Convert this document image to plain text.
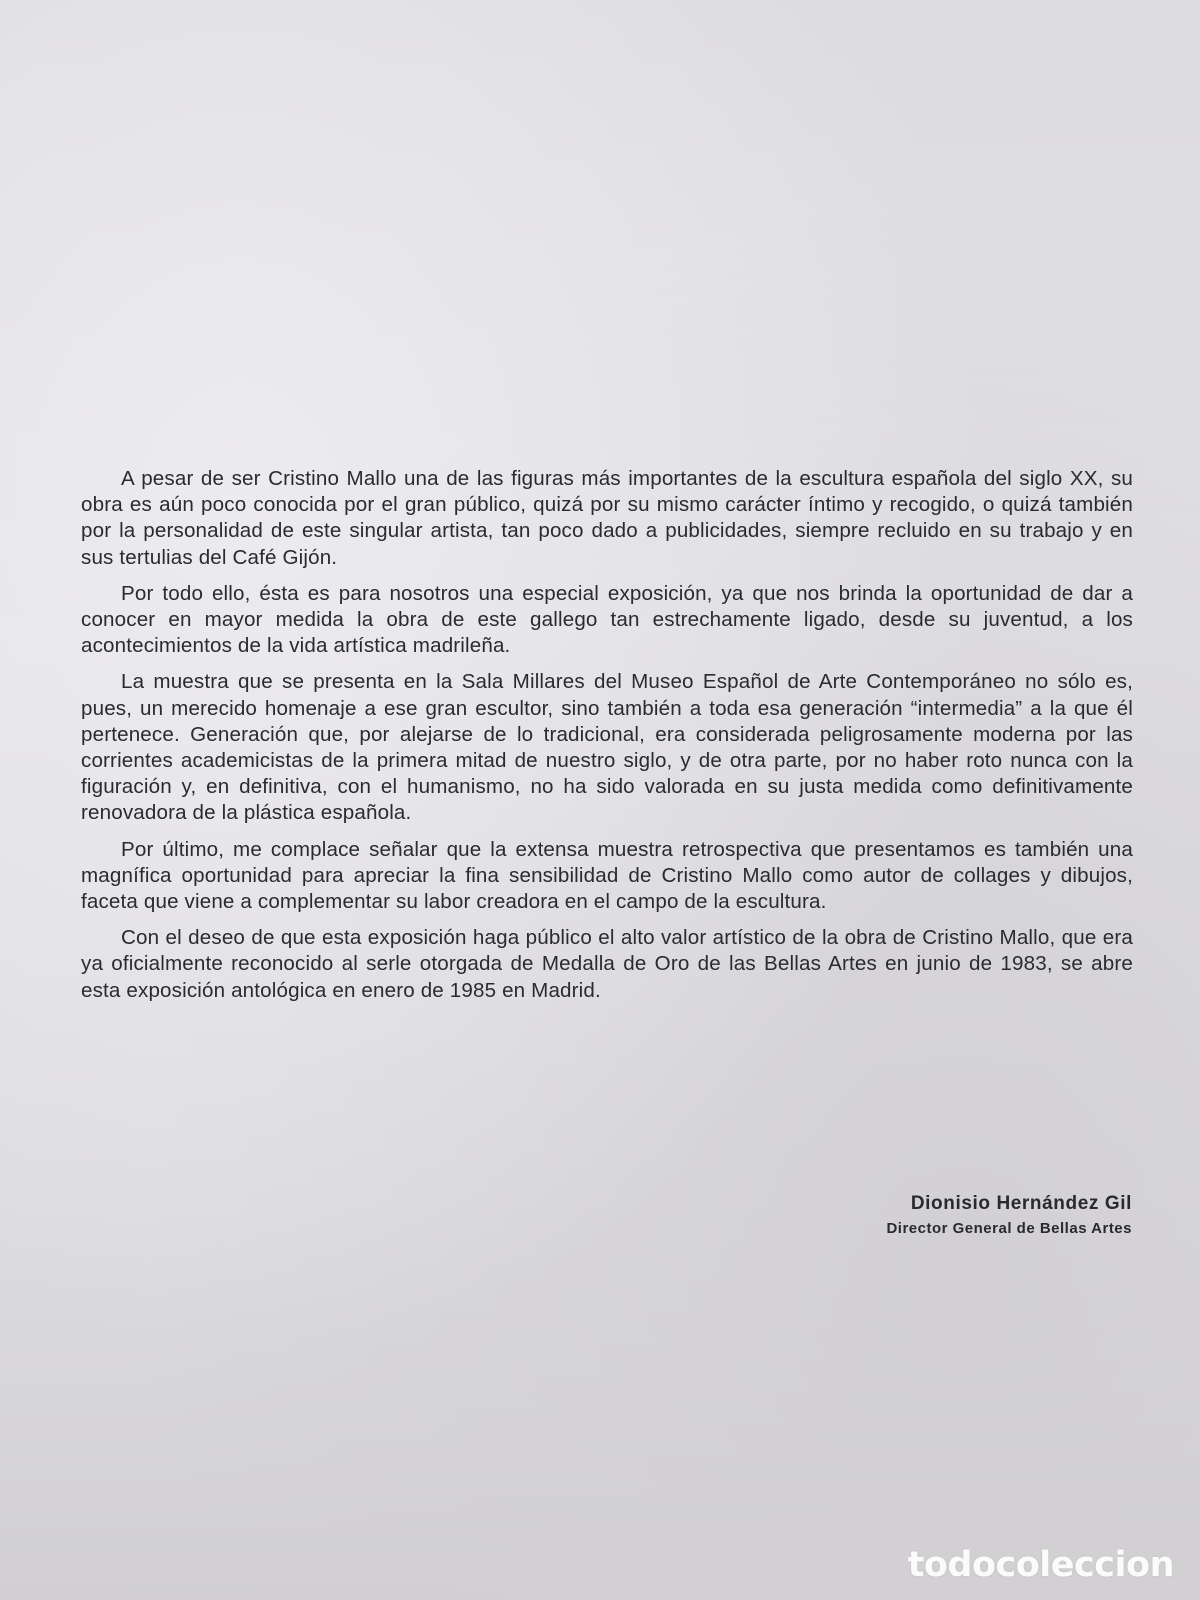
A pesar de ser Cristino Mallo una de las figuras más importantes de la escultura española del siglo XX, su obra es aún poco conocida por el gran público, quizá por su mismo carácter íntimo y recogido, o quizá también por la personalidad de este singular artista, tan poco dado a publicidades, siempre recluido en su trabajo y en sus tertulias del Café Gijón.

Por todo ello, ésta es para nosotros una especial exposición, ya que nos brinda la oportunidad de dar a conocer en mayor medida la obra de este gallego tan estrechamente ligado, desde su juventud, a los acontecimientos de la vida artística madrileña.

La muestra que se presenta en la Sala Millares del Museo Español de Arte Contemporáneo no sólo es, pues, un merecido homenaje a ese gran escultor, sino también a toda esa generación “intermedia” a la que él pertenece. Generación que, por alejarse de lo tradicional, era considerada peligrosamente moderna por las corrientes academicistas de la primera mitad de nuestro siglo, y de otra parte, por no haber roto nunca con la figuración y, en definitiva, con el humanismo, no ha sido valorada en su justa medida como definitivamente renovadora de la plástica española.

Por último, me complace señalar que la extensa muestra retrospectiva que presentamos es también una magnífica oportunidad para apreciar la fina sensibilidad de Cristino Mallo como autor de collages y dibujos, faceta que viene a complementar su labor creadora en el campo de la escultura.

Con el deseo de que esta exposición haga público el alto valor artístico de la obra de Cristino Mallo, que era ya oficialmente reconocido al serle otorgada de Medalla de Oro de las Bellas Artes en junio de 1983, se abre esta exposición antológica en enero de 1985 en Madrid.

Dionisio Hernández Gil
Director General de Bellas Artes
todocoleccion
